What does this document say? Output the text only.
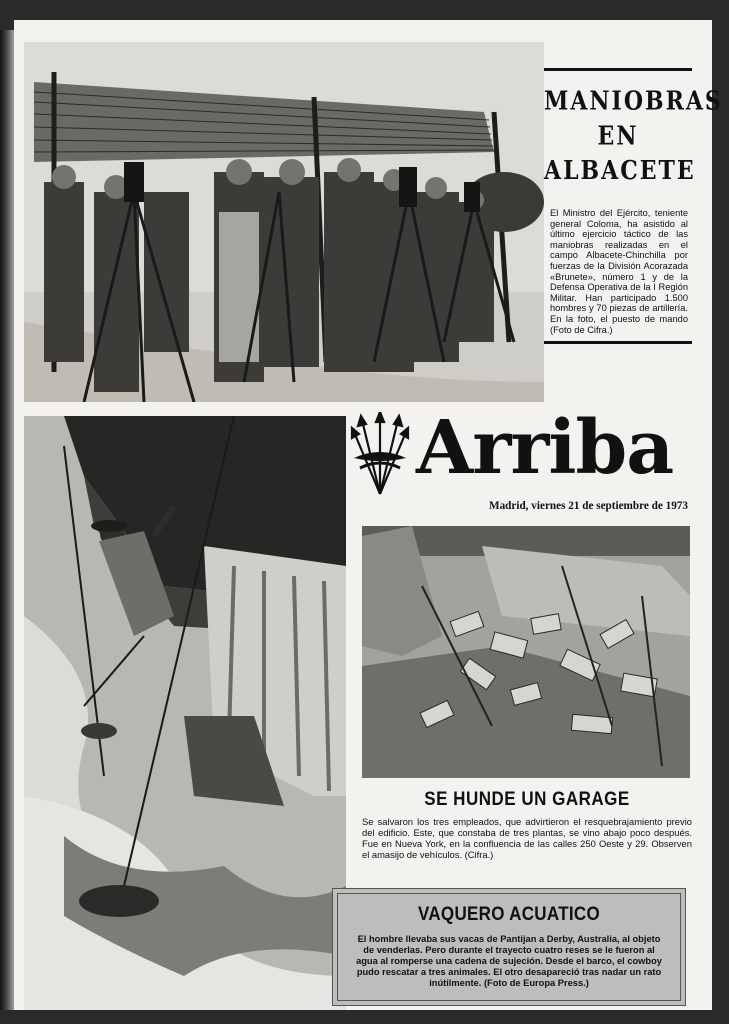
MANIOBRAS
EN ALBACETE

El Ministro del Ejército, teniente general Coloma, ha asistido al último ejercicio táctico de las maniobras realizadas en el campo Albacete-Chinchilla por fuerzas de la División Acorazada «Brunete», número 1 y de la Defensa Operativa de la I Región Militar. Han participado 1.500 hombres y 70 piezas de artillería. En la foto, el puesto de mando (Foto de Cifra.)

Arriba
Madrid, viernes 21 de septiembre de 1973
SE HUNDE UN GARAGE
Se salvaron los tres empleados, que advirtieron el resquebrajamiento previo del edificio. Este, que constaba de tres plantas, se vino abajo poco después. Fue en Nueva York, en la confluencia de las calles 250 Oeste y 29. Observen el amasijo de vehículos. (Cifra.)
VAQUERO ACUATICO

El hombre llevaba sus vacas de Pantijan a Derby, Australia, al objeto de venderlas. Pero durante el trayecto cuatro reses se le fueron al agua al romperse una cadena de sujeción. Desde el barco, el cowboy pudo rescatar a tres animales. El otro desapareció tras nadar un rato inútilmente. (Foto de Europa Press.)
